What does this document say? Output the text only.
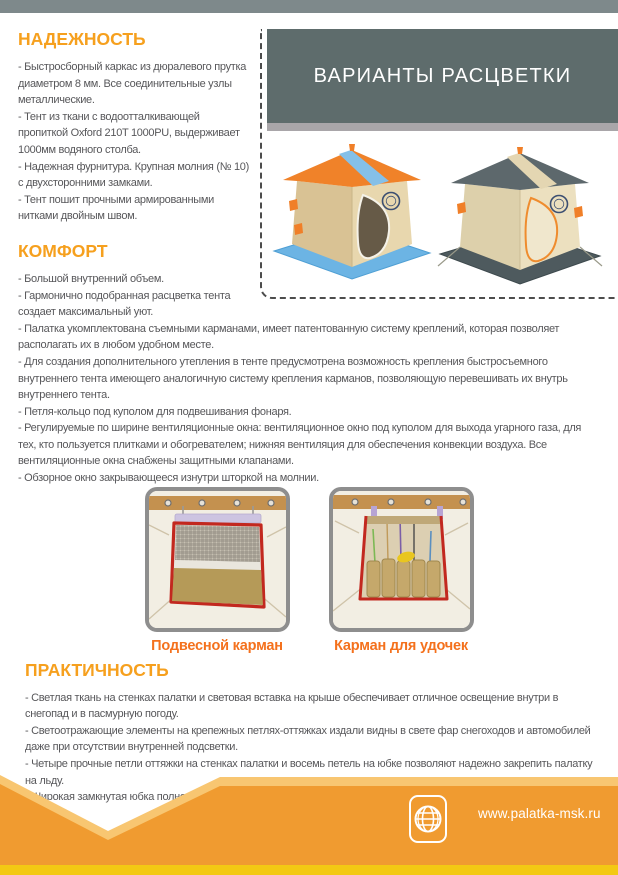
ВАРИАНТЫ РАСЦВЕТКИ
НАДЕЖНОСТЬ

- Быстросборный каркас из дюралевого прутка диаметром 8 мм. Все соединительные узлы металлические.

- Тент из ткани с водоотталкивающей пропиткой Oxford 210T 1000PU, выдерживает 1000мм водяного столба.

- Надежная фурнитура. Крупная молния (№ 10) с двухсторонними замками.

- Тент пошит прочными армированными нитками двойным швом.

КОМФОРТ

- Большой внутренний объем.

- Гармонично подобранная расцветка тента создает максимальный уют.

- Палатка укомплектована съемными карманами, имеет патентованную систему креплений, которая позволяет располагать их в любом удобном месте.

- Для создания дополнительного утепления в тенте предусмотрена возможность крепления быстросъемного внутреннего тента имеющего аналогичную систему крепления карманов, позволяющую перевешивать их внутрь внутреннего тента.

- Петля-кольцо под куполом для подвешивания фонаря.

- Регулируемые по ширине вентиляционные окна: вентиляционное окно под куполом для выхода угарного газа, для тех, кто пользуется плитками и обогревателем; нижняя вентиляция для обеспечения конвекции воздуха. Все вентиляционные окна снабжены защитными клапанами.

- Обзорное окно закрывающееся изнутри шторкой на молнии.

Подвесной карман	Карман для удочек
ПРАКТИЧНОСТЬ

- Светлая ткань на стенках палатки и световая вставка на крыше обеспечивает отличное освещение внутри в снегопад и в пасмурную погоду.

- Светоотражающие элементы на крепежных петлях-оттяжках издали видны в свете фар снегоходов и автомобилей даже при отсутствии внутренней подсветки.

- Четыре прочные петли оттяжки на стенках палатки и восемь петель на юбке позволяют надежно закрепить палатку на льду.

www.palatka-msk.ru
